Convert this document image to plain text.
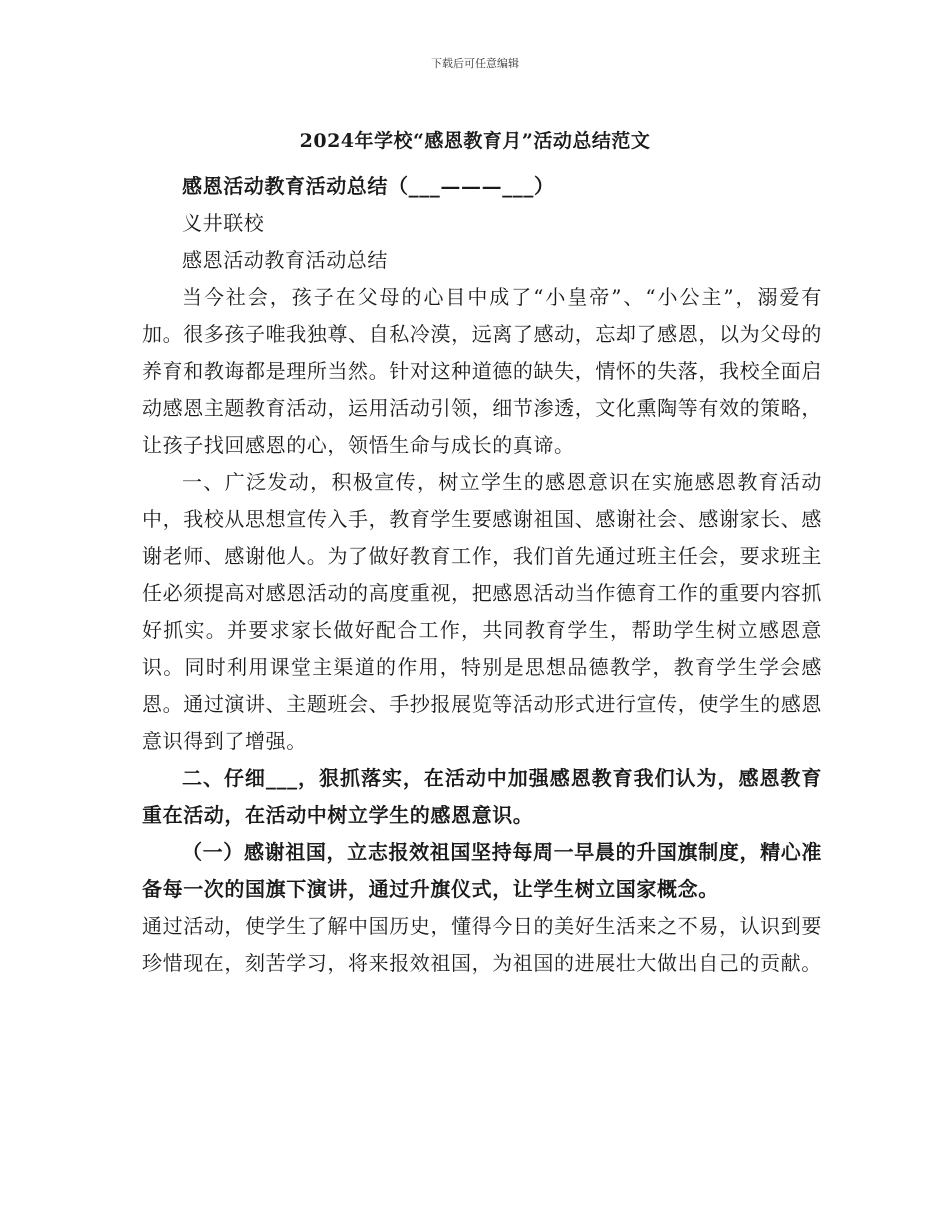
下载后可任意编辑
2024年学校“感恩教育月”活动总结范文

感恩活动教育活动总结（___———___）

义井联校

感恩活动教育活动总结

当今社会，孩子在父母的心目中成了“小皇帝”、“小公主”，溺爱有加。很多孩子唯我独尊、自私冷漠，远离了感动，忘却了感恩，以为父母的养育和教诲都是理所当然。针对这种道德的缺失，情怀的失落，我校全面启动感恩主题教育活动，运用活动引领，细节渗透，文化熏陶等有效的策略，让孩子找回感恩的心，领悟生命与成长的真谛。

一、广泛发动，积极宣传，树立学生的感恩意识在实施感恩教育活动中，我校从思想宣传入手，教育学生要感谢祖国、感谢社会、感谢家长、感谢老师、感谢他人。为了做好教育工作，我们首先通过班主任会，要求班主任必须提高对感恩活动的高度重视，把感恩活动当作德育工作的重要内容抓好抓实。并要求家长做好配合工作，共同教育学生，帮助学生树立感恩意识。同时利用课堂主渠道的作用，特别是思想品德教学，教育学生学会感恩。通过演讲、主题班会、手抄报展览等活动形式进行宣传，使学生的感恩意识得到了增强。

二、仔细___，狠抓落实，在活动中加强感恩教育我们认为，感恩教育重在活动，在活动中树立学生的感恩意识。

（一）感谢祖国，立志报效祖国坚持每周一早晨的升国旗制度，精心准备每一次的国旗下演讲，通过升旗仪式，让学生树立国家概念。

通过活动，使学生了解中国历史，懂得今日的美好生活来之不易，认识到要珍惜现在，刻苦学习，将来报效祖国，为祖国的进展壮大做出自己的贡献。
